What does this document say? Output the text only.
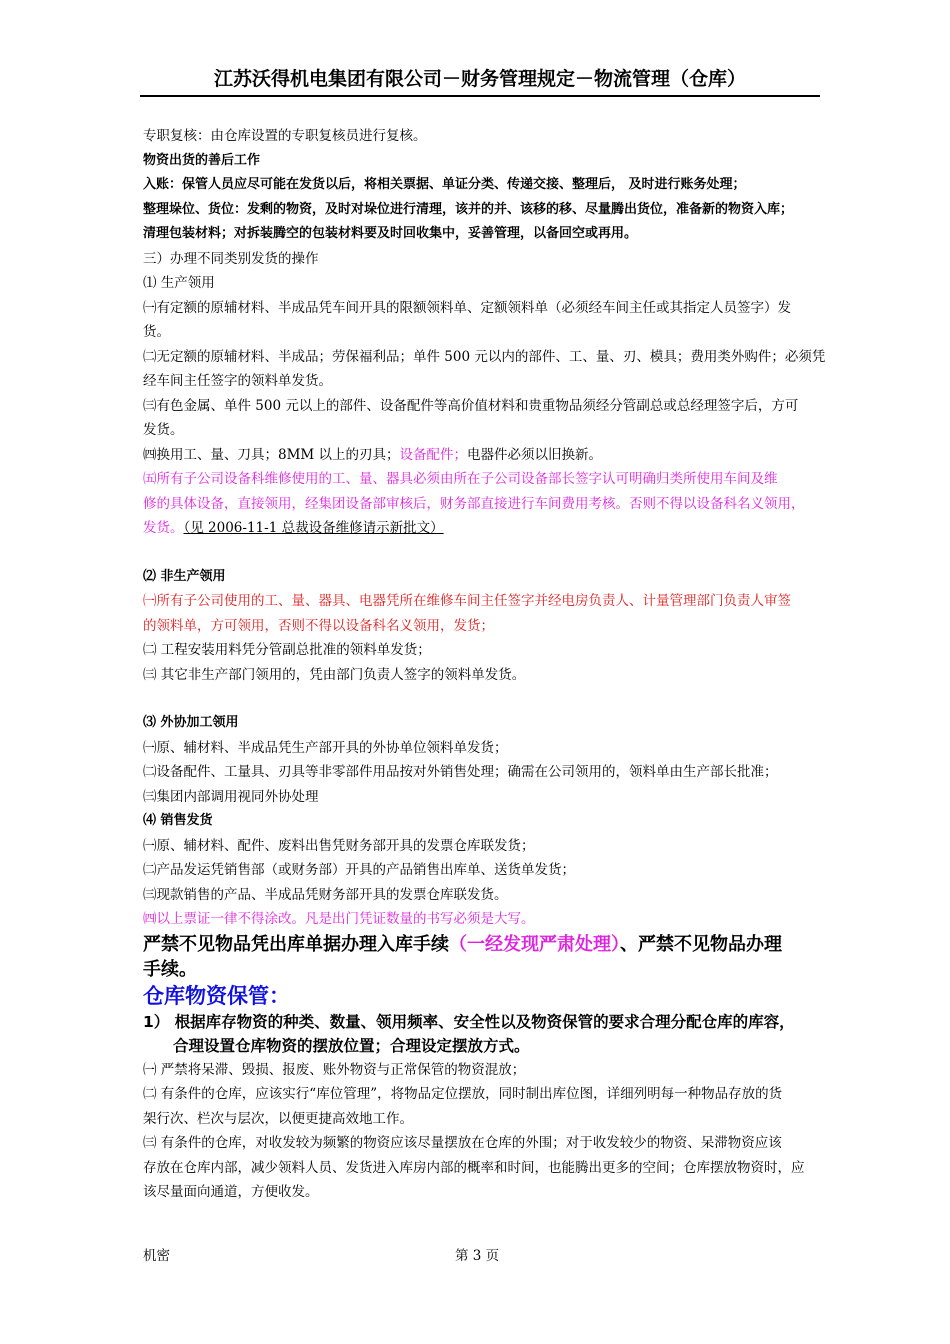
江苏沃得机电集团有限公司－财务管理规定－物流管理（仓库）
专职复核：由仓库设置的专职复核员进行复核。
物资出货的善后工作
入账：保管人员应尽可能在发货以后，将相关票据、单证分类、传递交接、整理后， 及时进行账务处理；
整理垛位、货位：发剩的物资，及时对垛位进行清理，该并的并、该移的移、尽量腾出货位，准备新的物资入库；
清理包装材料；对拆装腾空的包装材料要及时回收集中，妥善管理，以备回空或再用。
三）办理不同类别发货的操作
⑴ 生产领用
㈠有定额的原辅材料、半成品凭车间开具的限额领料单、定额领料单（必须经车间主任或其指定人员签字）发
货。
㈡无定额的原辅材料、半成品；劳保福利品；单件 500 元以内的部件、工、量、刃、模具；费用类外购件；必须凭
经车间主任签字的领料单发货。
㈢有色金属、单件 500 元以上的部件、设备配件等高价值材料和贵重物品须经分管副总或总经理签字后，方可
发货。
㈣换用工、量、刀具；8MM 以上的刃具；设备配件；电器件必须以旧换新。
㈤所有子公司设备科维修使用的工、量、器具必须由所在子公司设备部长签字认可明确归类所使用车间及维
修的具体设备，直接领用，经集团设备部审核后，财务部直接进行车间费用考核。否则不得以设备科名义领用，
发货。（见 2006-11-1 总裁设备维修请示新批文）
⑵ 非生产领用
㈠所有子公司使用的工、量、器具、电器凭所在维修车间主任签字并经电房负责人、计量管理部门负责人审签
的领料单，方可领用，否则不得以设备科名义领用，发货；
㈡ 工程安装用料凭分管副总批准的领料单发货；
㈢ 其它非生产部门领用的，凭由部门负责人签字的领料单发货。
⑶ 外协加工领用
㈠原、辅材料、半成品凭生产部开具的外协单位领料单发货；
㈡设备配件、工量具、刃具等非零部件用品按对外销售处理；确需在公司领用的，领料单由生产部长批准；
㈢集团内部调用视同外协处理
⑷ 销售发货
㈠原、辅材料、配件、废料出售凭财务部开具的发票仓库联发货；
㈡产品发运凭销售部（或财务部）开具的产品销售出库单、送货单发货；
㈢现款销售的产品、半成品凭财务部开具的发票仓库联发货。
㈣以上票证一律不得涂改。凡是出门凭证数量的书写必须是大写。
严禁不见物品凭出库单据办理入库手续（一经发现严肃处理）、严禁不见物品办理
手续。
仓库物资保管：
1） 根据库存物资的种类、数量、领用频率、安全性以及物资保管的要求合理分配仓库的库容，
合理设置仓库物资的摆放位置；合理设定摆放方式。
㈠ 严禁将呆滞、毁损、报废、账外物资与正常保管的物资混放；
㈡ 有条件的仓库，应该实行“库位管理”，将物品定位摆放，同时制出库位图，详细列明每一种物品存放的货
架行次、栏次与层次，以便更捷高效地工作。
㈢ 有条件的仓库，对收发较为频繁的物资应该尽量摆放在仓库的外围；对于收发较少的物资、呆滞物资应该
存放在仓库内部，减少领料人员、发货进入库房内部的概率和时间，也能腾出更多的空间；仓库摆放物资时，应
该尽量面向通道，方便收发。
机密	第 3 页
